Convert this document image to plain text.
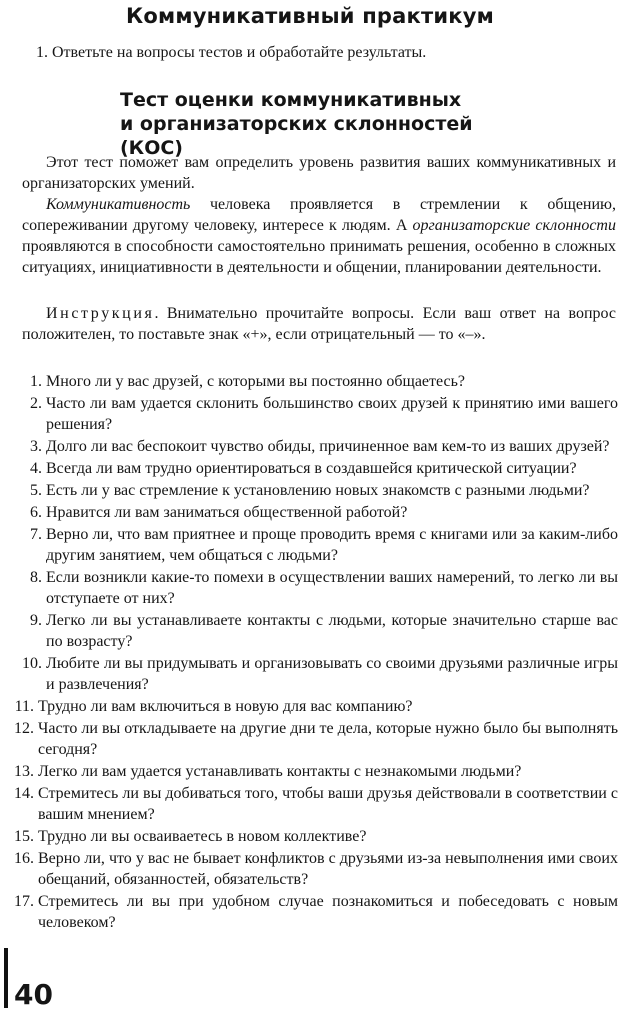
Коммуникативный практикум

1. Ответьте на вопросы тестов и обработайте результаты.

Тест оценки коммуникативных
и организаторских склонностей (КОС)

Этот тест поможет вам определить уровень развития ваших коммуникативных и организаторских умений.

Коммуникативность человека проявляется в стремлении к общению, сопереживании другому человеку, интересе к людям. А организаторские склонности проявляются в способности самостоятельно принимать решения, особенно в сложных ситуациях, инициативности в деятельности и общении, планировании деятельности.

Инструкция. Внимательно прочитайте вопросы. Если ваш ответ на вопрос положителен, то поставьте знак «+», если отрицательный — то «–».

1. Много ли у вас друзей, с которыми вы постоянно общаетесь?
2. Часто ли вам удается склонить большинство своих друзей к принятию ими вашего решения?
3. Долго ли вас беспокоит чувство обиды, причиненное вам кем-то из ваших друзей?
4. Всегда ли вам трудно ориентироваться в создавшейся критической ситуации?
5. Есть ли у вас стремление к установлению новых знакомств с разными людьми?
6. Нравится ли вам заниматься общественной работой?
7. Верно ли, что вам приятнее и проще проводить время с книгами или за каким-либо другим занятием, чем общаться с людьми?
8. Если возникли какие-то помехи в осуществлении ваших намерений, то легко ли вы отступаете от них?
9. Легко ли вы устанавливаете контакты с людьми, которые значительно старше вас по возрасту?
10. Любите ли вы придумывать и организовывать со своими друзьями различные игры и развлечения?
11. Трудно ли вам включиться в новую для вас компанию?
12. Часто ли вы откладываете на другие дни те дела, которые нужно было бы выполнять сегодня?
13. Легко ли вам удается устанавливать контакты с незнакомыми людьми?
14. Стремитесь ли вы добиваться того, чтобы ваши друзья действовали в соответствии с вашим мнением?
15. Трудно ли вы осваиваетесь в новом коллективе?
16. Верно ли, что у вас не бывает конфликтов с друзьями из-за невыполнения ими своих обещаний, обязанностей, обязательств?
17. Стремитесь ли вы при удобном случае познакомиться и побеседовать с новым человеком?
40
